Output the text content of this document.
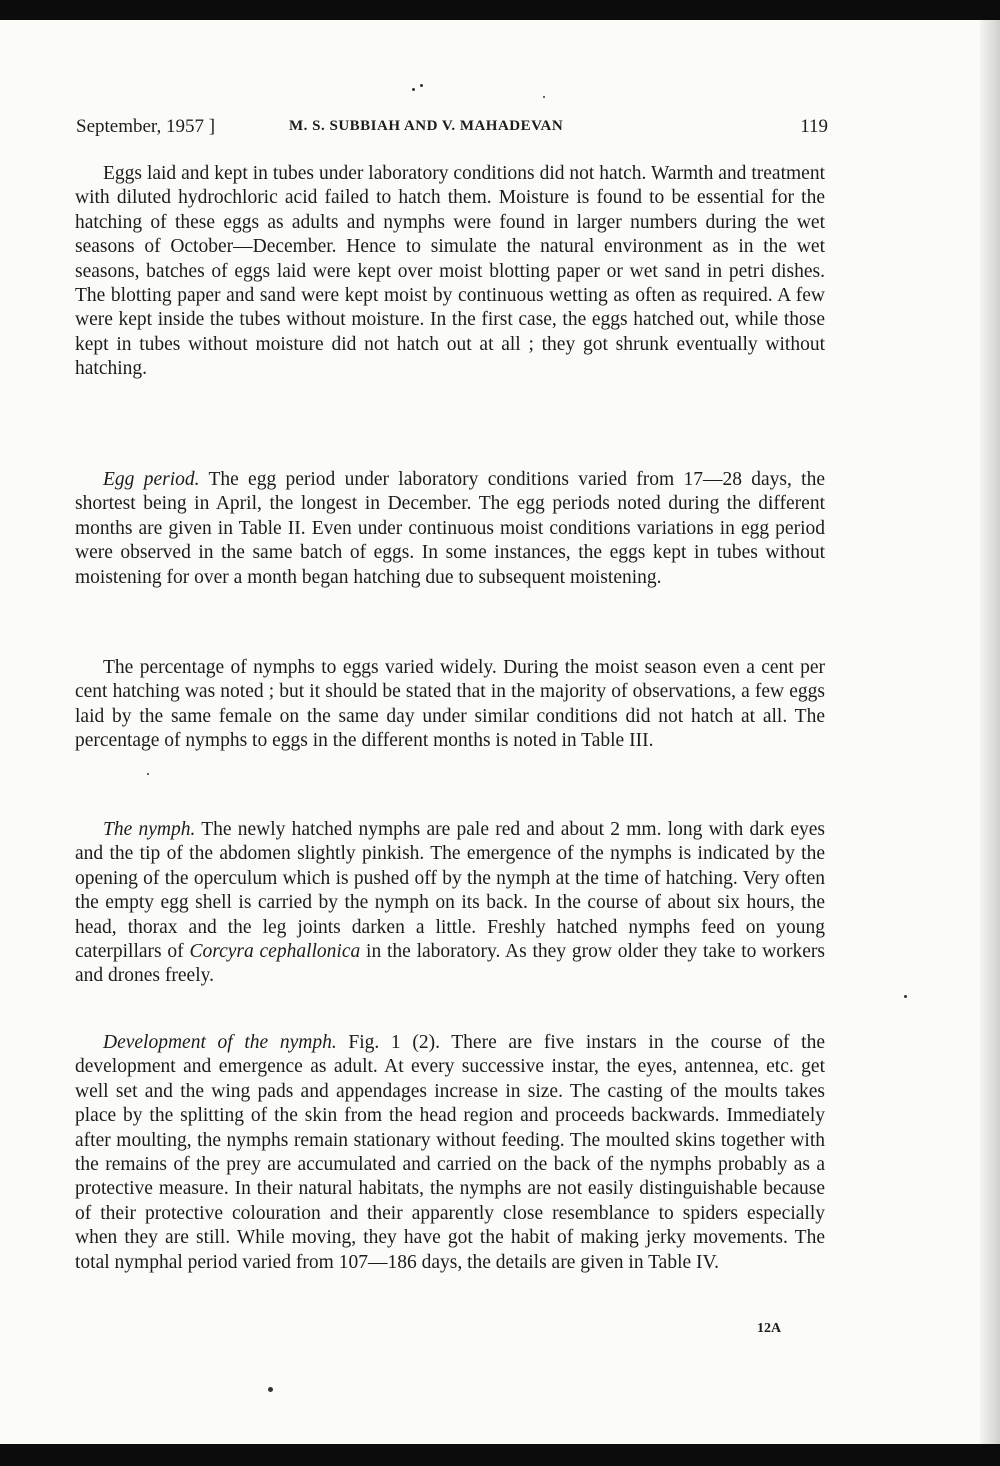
September, 1957 ]	M. S. SUBBIAH AND V. MAHADEVAN	119

Eggs laid and kept in tubes under laboratory conditions did not hatch. Warmth and treatment with diluted hydrochloric acid failed to hatch them. Moisture is found to be essential for the hatching of these eggs as adults and nymphs were found in larger numbers during the wet seasons of October—December. Hence to simulate the natural environment as in the wet seasons, batches of eggs laid were kept over moist blotting paper or wet sand in petri dishes. The blotting paper and sand were kept moist by continuous wetting as often as required. A few were kept inside the tubes without moisture. In the first case, the eggs hatched out, while those kept in tubes without moisture did not hatch out at all ; they got shrunk eventually without hatching.

Egg period. The egg period under laboratory conditions varied from 17—28 days, the shortest being in April, the longest in December. The egg periods noted during the different months are given in Table II. Even under continuous moist conditions variations in egg period were observed in the same batch of eggs. In some instances, the eggs kept in tubes without moistening for over a month began hatching due to subsequent moistening.

The percentage of nymphs to eggs varied widely. During the moist season even a cent per cent hatching was noted ; but it should be stated that in the majority of observations, a few eggs laid by the same female on the same day under similar conditions did not hatch at all. The percentage of nymphs to eggs in the different months is noted in Table III.

The nymph. The newly hatched nymphs are pale red and about 2 mm. long with dark eyes and the tip of the abdomen slightly pinkish. The emergence of the nymphs is indicated by the opening of the operculum which is pushed off by the nymph at the time of hatching. Very often the empty egg shell is carried by the nymph on its back. In the course of about six hours, the head, thorax and the leg joints darken a little. Freshly hatched nymphs feed on young caterpillars of Corcyra cephallonica in the laboratory. As they grow older they take to workers and drones freely.

Development of the nymph. Fig. 1 (2). There are five instars in the course of the development and emergence as adult. At every successive instar, the eyes, antennea, etc. get well set and the wing pads and appendages increase in size. The casting of the moults takes place by the splitting of the skin from the head region and proceeds backwards. Immediately after moulting, the nymphs remain stationary without feeding. The moulted skins together with the remains of the prey are accumulated and carried on the back of the nymphs probably as a protective measure. In their natural habitats, the nymphs are not easily distinguishable because of their protective colouration and their apparently close resemblance to spiders especially when they are still. While moving, they have got the habit of making jerky movements. The total nymphal period varied from 107—186 days, the details are given in Table IV.

12A
